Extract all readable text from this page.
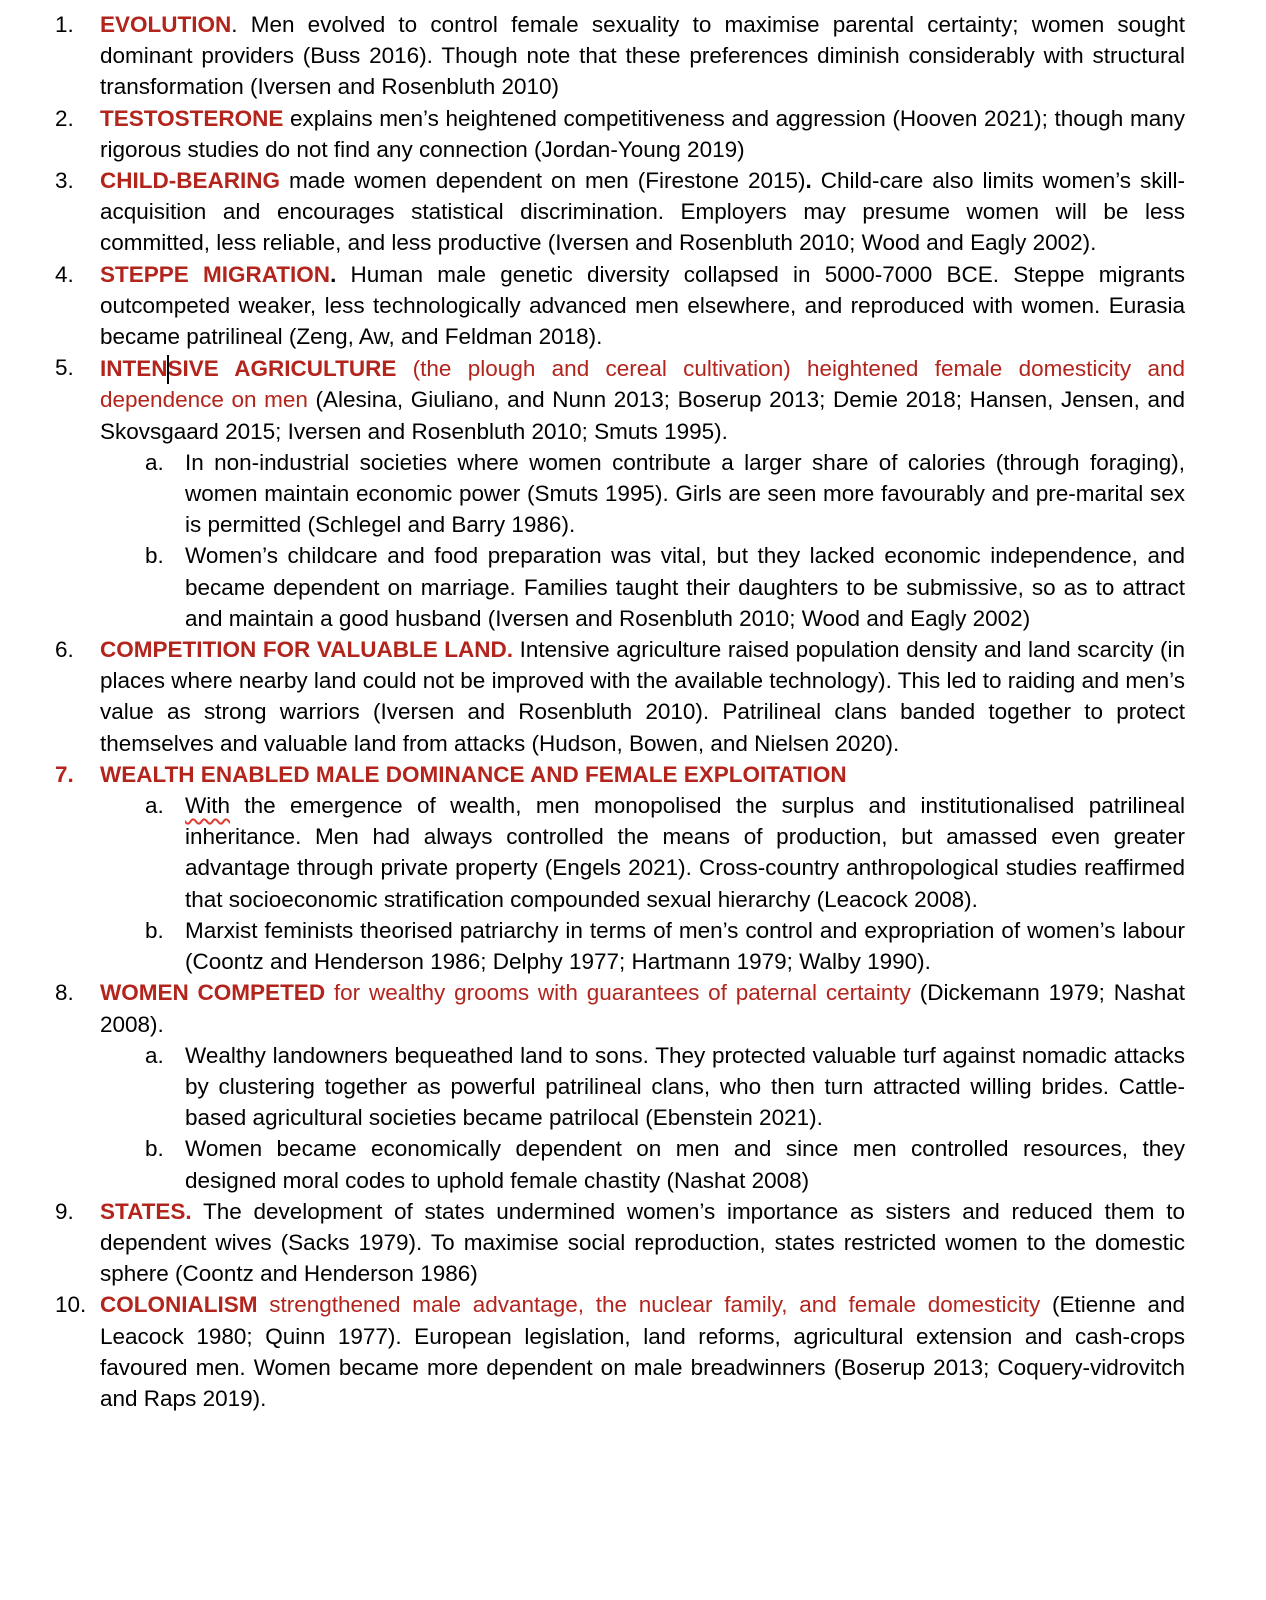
1.	EVOLUTION. Men evolved to control female sexuality to maximise parental certainty; women sought dominant providers (Buss 2016). Though note that these preferences diminish considerably with structural transformation (Iversen and Rosenbluth 2010)
2.	TESTOSTERONE explains men’s heightened competitiveness and aggression (Hooven 2021); though many rigorous studies do not find any connection (Jordan-Young 2019)
3.	CHILD-BEARING made women dependent on men (Firestone 2015). Child-care also limits women’s skill-acquisition and encourages statistical discrimination. Employers may presume women will be less committed, less reliable, and less productive (Iversen and Rosenbluth 2010; Wood and Eagly 2002).
4.	STEPPE MIGRATION. Human male genetic diversity collapsed in 5000-7000 BCE. Steppe migrants outcompeted weaker, less technologically advanced men elsewhere, and reproduced with women. Eurasia became patrilineal (Zeng, Aw, and Feldman 2018).
5.	INTENSIVE AGRICULTURE (the plough and cereal cultivation) heightened female domesticity and dependence on men (Alesina, Giuliano, and Nunn 2013; Boserup 2013; Demie 2018; Hansen, Jensen, and Skovsgaard 2015; Iversen and Rosenbluth 2010; Smuts 1995).
a. In non-industrial societies where women contribute a larger share of calories (through foraging), women maintain economic power (Smuts 1995). Girls are seen more favourably and pre-marital sex is permitted (Schlegel and Barry 1986).
b. Women’s childcare and food preparation was vital, but they lacked economic independence, and became dependent on marriage. Families taught their daughters to be submissive, so as to attract and maintain a good husband (Iversen and Rosenbluth 2010; Wood and Eagly 2002)
6.	COMPETITION FOR VALUABLE LAND. Intensive agriculture raised population density and land scarcity (in places where nearby land could not be improved with the available technology). This led to raiding and men’s value as strong warriors (Iversen and Rosenbluth 2010). Patrilineal clans banded together to protect themselves and valuable land from attacks (Hudson, Bowen, and Nielsen 2020).
7.	WEALTH ENABLED MALE DOMINANCE AND FEMALE EXPLOITATION
a. With the emergence of wealth, men monopolised the surplus and institutionalised patrilineal inheritance. Men had always controlled the means of production, but amassed even greater advantage through private property (Engels 2021). Cross-country anthropological studies reaffirmed that socioeconomic stratification compounded sexual hierarchy (Leacock 2008).
b. Marxist feminists theorised patriarchy in terms of men’s control and expropriation of women’s labour (Coontz and Henderson 1986; Delphy 1977; Hartmann 1979; Walby 1990).
8.	WOMEN COMPETED for wealthy grooms with guarantees of paternal certainty (Dickemann 1979; Nashat 2008).
a. Wealthy landowners bequeathed land to sons. They protected valuable turf against nomadic attacks by clustering together as powerful patrilineal clans, who then turn attracted willing brides. Cattle-based agricultural societies became patrilocal (Ebenstein 2021).
b. Women became economically dependent on men and since men controlled resources, they designed moral codes to uphold female chastity (Nashat 2008)
9.	STATES. The development of states undermined women’s importance as sisters and reduced them to dependent wives (Sacks 1979). To maximise social reproduction, states restricted women to the domestic sphere (Coontz and Henderson 1986)
10. COLONIALISM strengthened male advantage, the nuclear family, and female domesticity (Etienne and Leacock 1980; Quinn 1977). European legislation, land reforms, agricultural extension and cash-crops favoured men. Women became more dependent on male breadwinners (Boserup 2013; Coquery-vidrovitch and Raps 2019).
